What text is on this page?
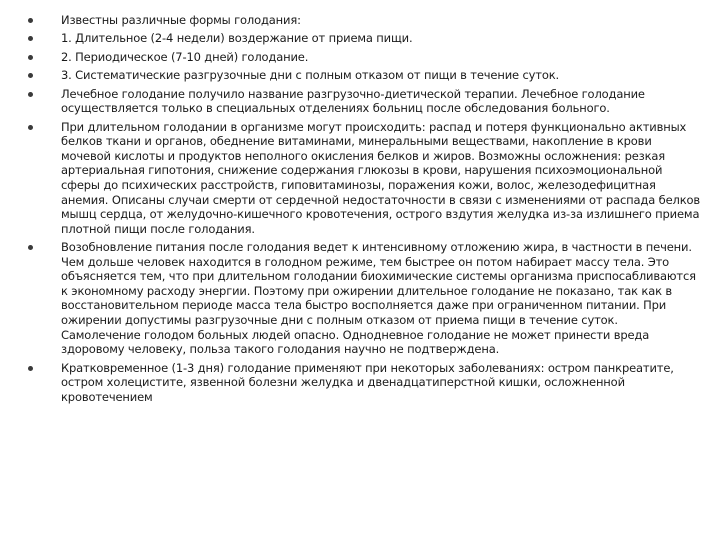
Известны различные формы голодания:
1. Длительное (2-4 недели) воздержание от приема пищи.
2. Периодическое (7-10 дней) голодание.
3. Систематические разгрузочные дни с полным отказом от пищи в течение суток.
Лечебное голодание получило название разгрузочно-диетической терапии. Лечебное голодание осуществляется только в специальных отделениях больниц после обследования больного.
При длительном голодании в организме могут происходить: распад и потеря функционально активных белков ткани и органов, обеднение витаминами, минеральными веществами, накопление в крови мочевой кислоты и продуктов неполного окисления белков и жиров. Возможны осложнения: резкая артериальная гипотония, снижение содержания глюкозы в крови, нарушения психоэмоциональной сферы до психических расстройств, гиповитаминозы, поражения кожи, волос, железодефицитная анемия. Описаны случаи смерти от сердечной недостаточности в связи с изменениями от распада белков мышц сердца, от желудочно-кишечного кровотечения, острого вздутия желудка из-за излишнего приема плотной пищи после голодания.
Возобновление питания после голодания ведет к интенсивному отложению жира, в частности в печени. Чем дольше человек находится в голодном режиме, тем быстрее он потом набирает массу тела. Это объясняется тем, что при длительном голодании биохимические системы организма приспосабливаются к экономному расходу энергии. Поэтому при ожирении длительное голодание не показано, так как в восстановительном периоде масса тела быстро восполняется даже при ограниченном питании. При ожирении допустимы разгрузочные дни с полным отказом от приема пищи в течение суток. Самолечение голодом больных людей опасно. Однодневное голодание не может принести вреда здоровому человеку, польза такого голодания научно не подтверждена.
Кратковременное (1-3 дня) голодание применяют при некоторых заболеваниях: остром панкреатите, остром холецистите, язвенной болезни желудка и двенадцатиперстной кишки, осложненной кровотечением
